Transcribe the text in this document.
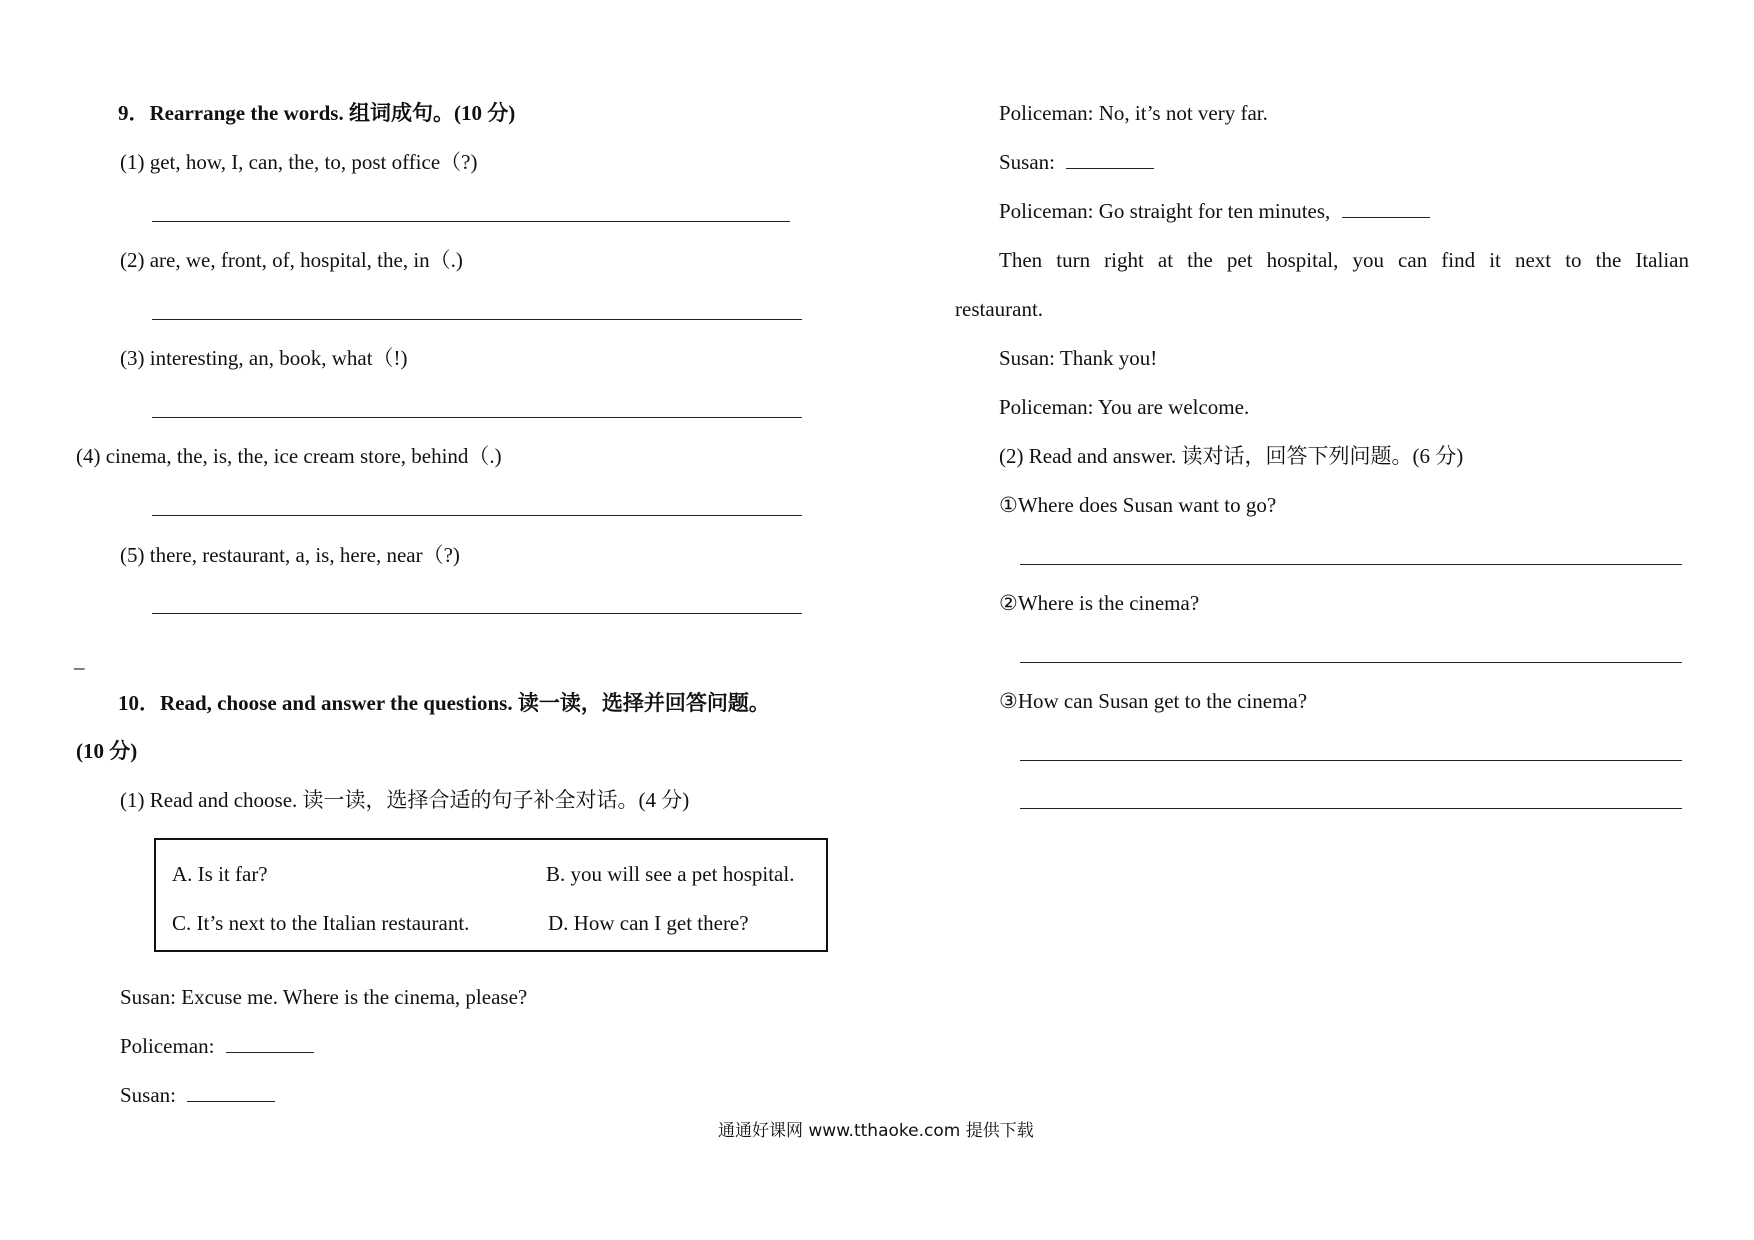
9．Rearrange the words. 组词成句。(10 分)
(1) get, how, I, can, the, to, post office（?)
(2) are, we, front, of, hospital, the, in（.)
(3) interesting, an, book, what（!)
(4) cinema, the, is, the, ice cream store, behind（.)
(5) there, restaurant, a, is, here, near（?)
_
10．Read, choose and answer the questions. 读一读，选择并回答问题。
(10 分)
(1) Read and choose. 读一读，选择合适的句子补全对话。(4 分)
A. Is it far?	B. you will see a pet hospital.
C. It’s next to the Italian restaurant.	D. How can I get there?
Susan: Excuse me. Where is the cinema, please?
Policeman:
Susan:
Policeman: No, it’s not very far.
Susan:
Policeman: Go straight for ten minutes,
Then turn right at the pet hospital, you can find it next to the Italian
restaurant.
Susan: Thank you!
Policeman: You are welcome.
(2) Read and answer. 读对话，回答下列问题。(6 分)
①Where does Susan want to go?
②Where is the cinema?
③How can Susan get to the cinema?
通通好课网 www.tthaoke.com 提供下载
